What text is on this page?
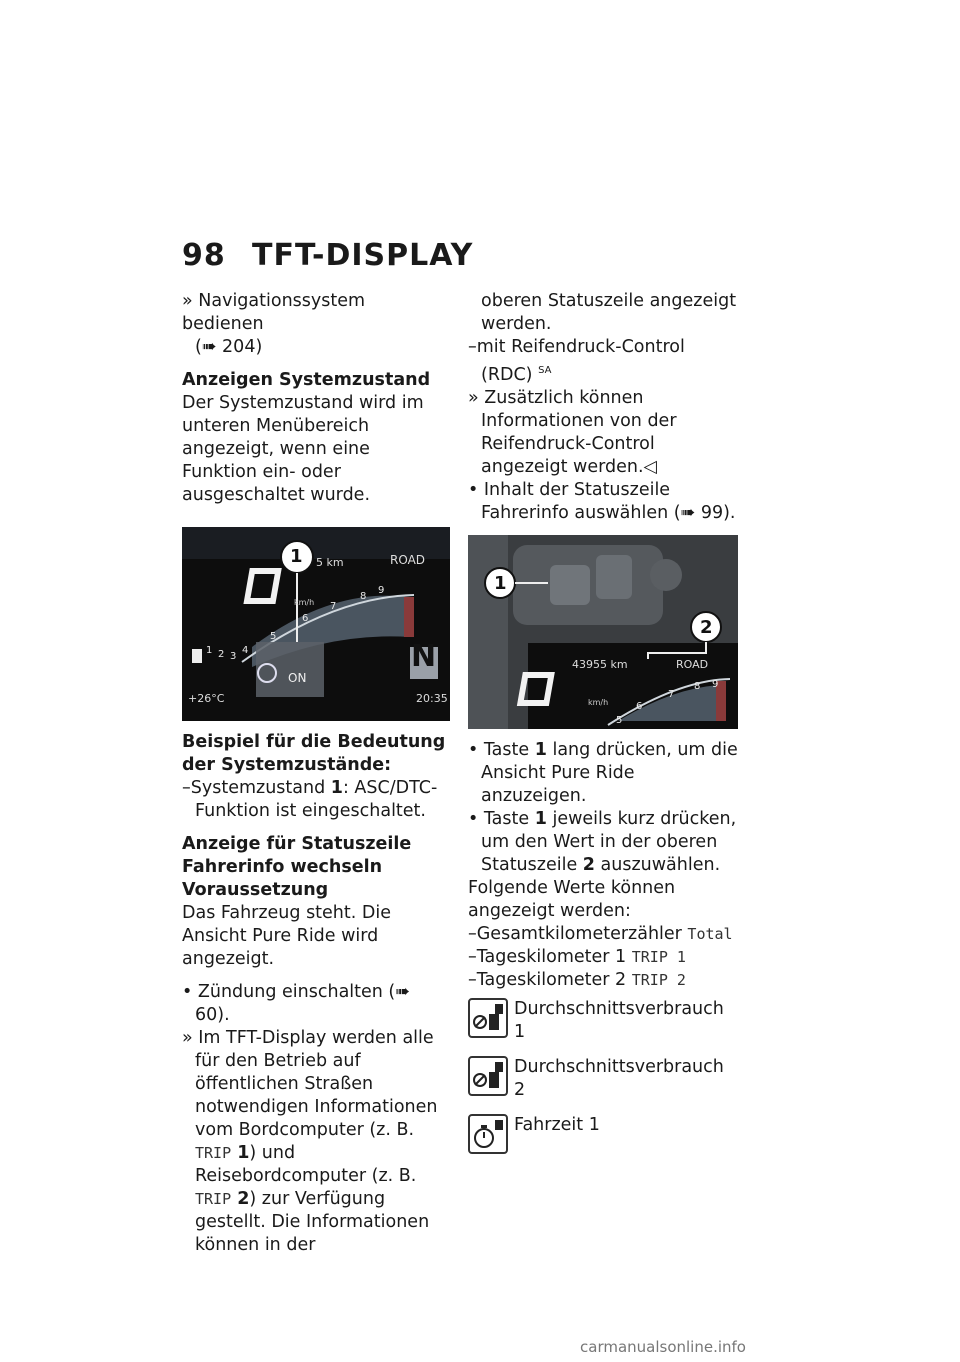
98 TFT-DISPLAY

» Navigationssystem bedienen
(➠ 204)

Anzeigen Systemzustand

Der Systemzustand wird im unteren Menübereich angezeigt, wenn eine Funktion ein- oder ausgeschaltet wurde.

1 5 km	ROAD
km/h
N
+26°C	20:35
ON
1 2 3
4
5
6
7
8
9

Beispiel für die Bedeutung der Systemzustände:

–Systemzustand 1: ASC/DTC-Funktion ist eingeschaltet.

Anzeige für Statuszeile Fahrerinfo wechseln

Voraussetzung

Das Fahrzeug steht. Die Ansicht Pure Ride wird angezeigt.

• Zündung einschalten (➠ 60).

» Im TFT-Display werden alle für den Betrieb auf öffentlichen Straßen notwendigen Informationen vom Bordcomputer (z. B. TRIP 1) und Reisebordcomputer (z. B. TRIP 2) zur Verfügung gestellt. Die Informationen können in der

oberen Statuszeile angezeigt werden.

–mit Reifendruck-Control (RDC) $^{SA}$

» Zusätzlich können Informationen von der Reifendruck-Control angezeigt werden.◁

• Inhalt der Statuszeile Fahrerinfo auswählen (➠ 99).

1
2
43955 km	ROAD
km/h
5
6
7
8 9

• Taste 1 lang drücken, um die Ansicht Pure Ride anzuzeigen.

• Taste 1 jeweils kurz drücken, um den Wert in der oberen Statuszeile 2 auszuwählen.

Folgende Werte können angezeigt werden:

–Gesamtkilometerzähler Total

–Tageskilometer 1 TRIP 1

–Tageskilometer 2 TRIP 2

Durchschnittsverbrauch 1
Durchschnittsverbrauch 2
Fahrzeit 1
carmanualsonline.info
